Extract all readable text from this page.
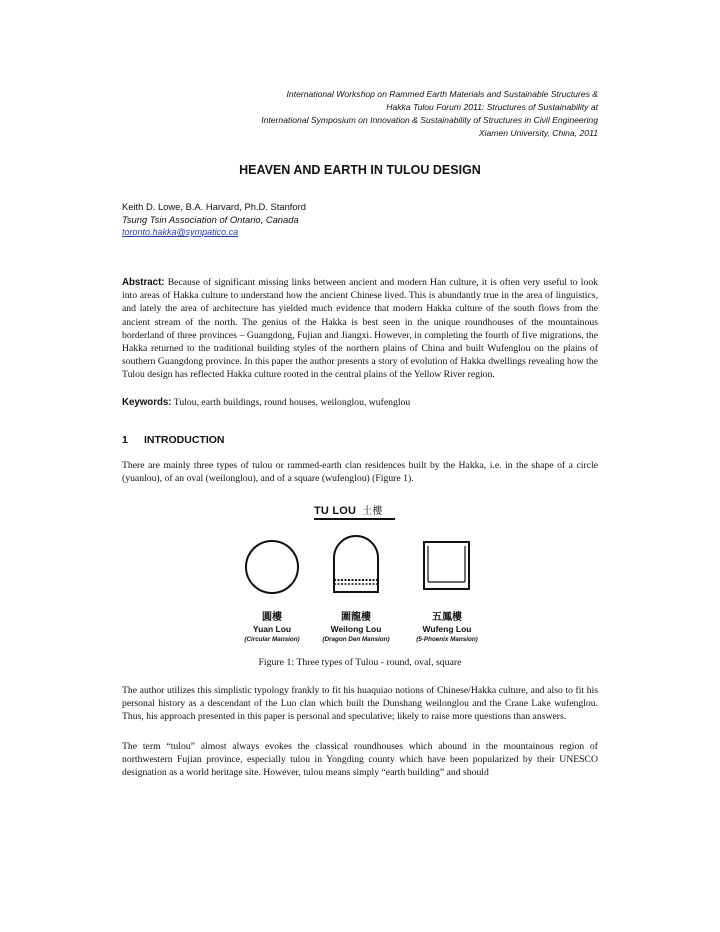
International Workshop on Rammed Earth Materials and Sustainable Structures &
Hakka Tulou Forum 2011: Structures of Sustainability at
International Symposium on Innovation & Sustainability of Structures in Civil Engineering
Xiamen University, China, 2011
HEAVEN AND EARTH IN TULOU DESIGN
Keith D. Lowe, B.A. Harvard, Ph.D. Stanford
Tsung Tsin Association of Ontario, Canada
toronto.hakka@sympatico.ca
Abstract: Because of significant missing links between ancient and modern Han culture, it is often very useful to look into areas of Hakka culture to understand how the ancient Chinese lived. This is abundantly true in the area of linguistics, and lately the area of architecture has yielded much evidence that modern Hakka culture of the south flows from the ancient stream of the north. The genius of the Hakka is best seen in the unique roundhouses of the mountainous borderland of three provinces – Guangdong, Fujian and Jiangxi. However, in completing the fourth of five migrations, the Hakka returned to the traditional building styles of the northern plains of China and built Wufenglou on the plains of southern Guangdong province. In this paper the author presents a story of evolution of Hakka dwellings revealing how the Tulou design has reflected Hakka culture rooted in the central plains of the Yellow River region.
Keywords: Tulou, earth buildings, round houses, weilonglou, wufenglou
1 INTRODUCTION
There are mainly three types of tulou or rammed-earth clan residences built by the Hakka, i.e. in the shape of a circle (yuanlou), of an oval (weilonglou), and of a square (wufenglou) (Figure 1).
TU LOU 土樓
圓樓
Yuan Lou
(Circular Mansion)
圍龍樓
Weilong Lou
(Dragon Den Mansion)
五鳳樓
Wufeng Lou
(5-Phoenix Mansion)
Figure 1: Three types of Tulou - round, oval, square
The author utilizes this simplistic typology frankly to fit his huaquiao notions of Chinese/Hakka culture, and also to fit his personal history as a descendant of the Luo clan which built the Dunshang weilonglou and the Crane Lake wufenglou. Thus, his approach presented in this paper is personal and speculative; likely to raise more questions than answers.
The term “tulou” almost always evokes the classical roundhouses which abound in the mountainous region of northwestern Fujian province, especially tulou in Yongding county which have been popularized by their UNESCO designation as a world heritage site. However, tulou means simply “earth building” and should
